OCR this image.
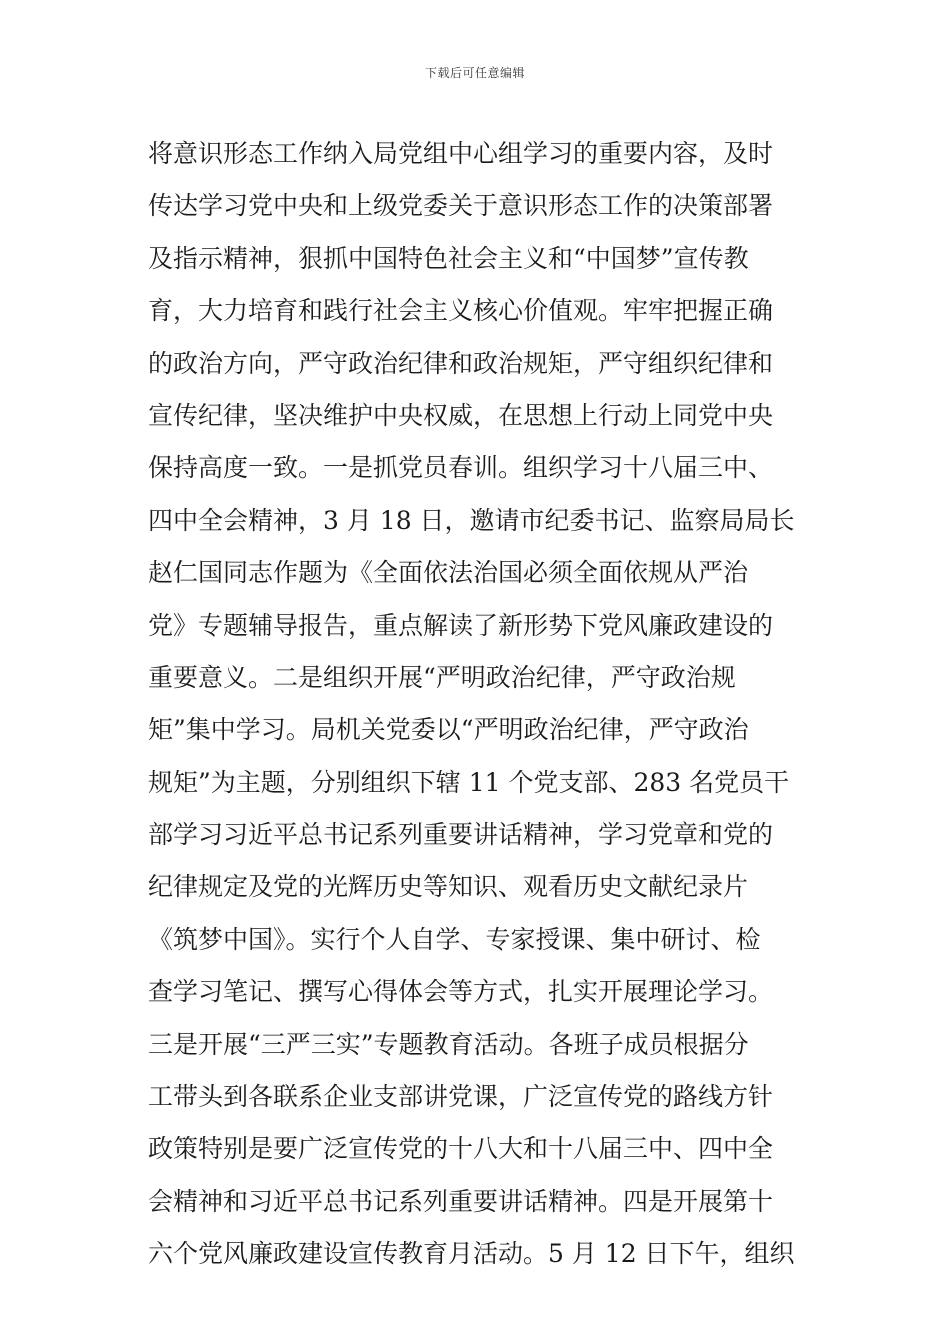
下载后可任意编辑
将意识形态工作纳入局党组中心组学习的重要内容，及时
传达学习党中央和上级党委关于意识形态工作的决策部署
及指示精神，狠抓中国特色社会主义和“中国梦”宣传教
育，大力培育和践行社会主义核心价值观。牢牢把握正确
的政治方向，严守政治纪律和政治规矩，严守组织纪律和
宣传纪律，坚决维护中央权威，在思想上行动上同党中央
保持高度一致。一是抓党员春训。组织学习十八届三中、
四中全会精神，3 月 18 日，邀请市纪委书记、监察局局长
赵仁国同志作题为《全面依法治国必须全面依规从严治
党》专题辅导报告，重点解读了新形势下党风廉政建设的
重要意义。二是组织开展“严明政治纪律，严守政治规
矩”集中学习。局机关党委以“严明政治纪律，严守政治
规矩”为主题，分别组织下辖 11 个党支部、283 名党员干
部学习习近平总书记系列重要讲话精神，学习党章和党的
纪律规定及党的光辉历史等知识、观看历史文献纪录片
《筑梦中国》。实行个人自学、专家授课、集中研讨、检
查学习笔记、撰写心得体会等方式，扎实开展理论学习。
三是开展“三严三实”专题教育活动。各班子成员根据分
工带头到各联系企业支部讲党课，广泛宣传党的路线方针
政策特别是要广泛宣传党的十八大和十八届三中、四中全
会精神和习近平总书记系列重要讲话精神。四是开展第十
六个党风廉政建设宣传教育月活动。5 月 12 日下午，组织
